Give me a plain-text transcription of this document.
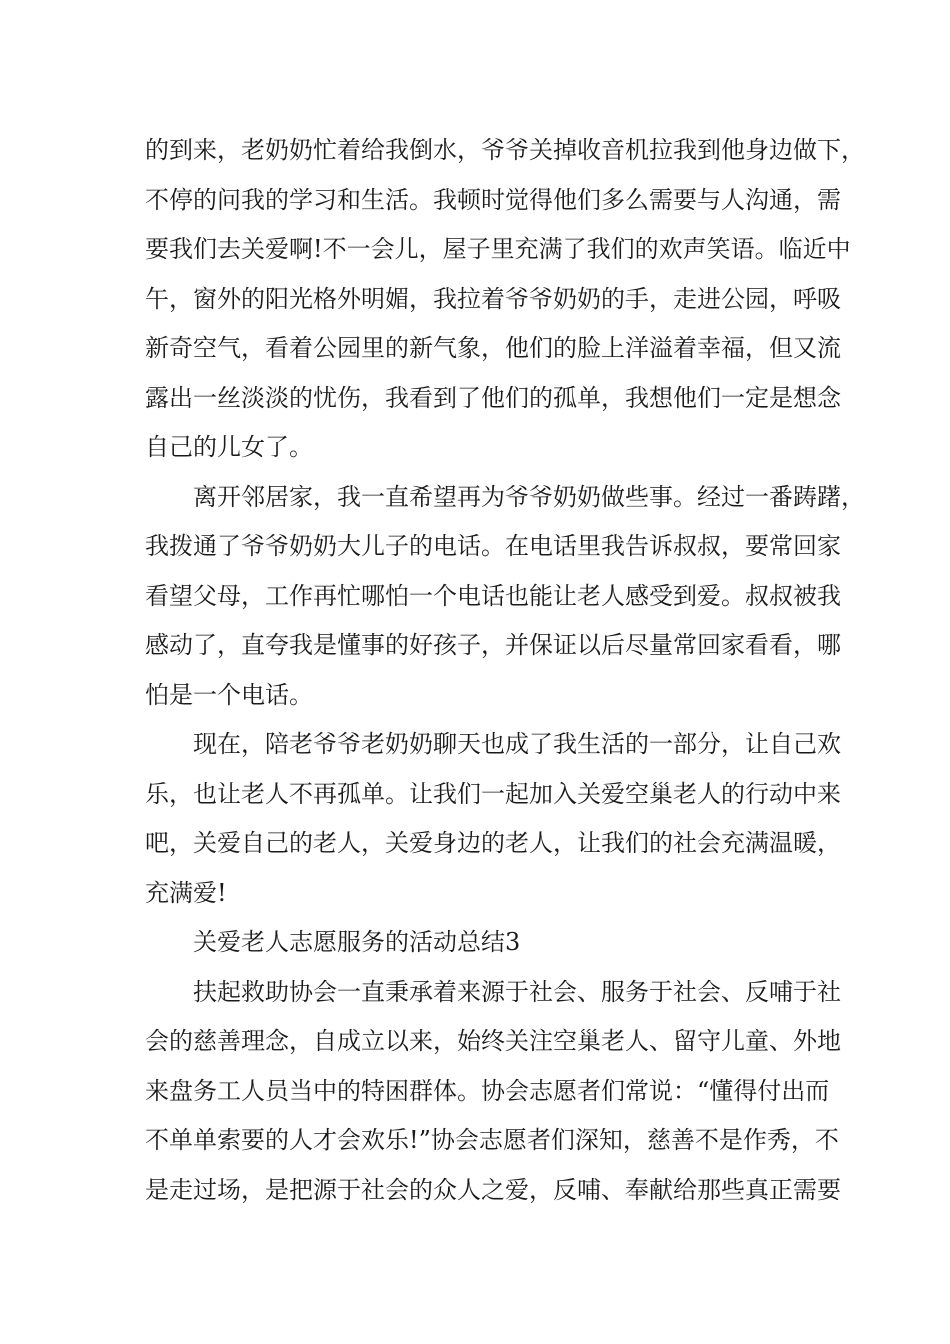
的到来，老奶奶忙着给我倒水，爷爷关掉收音机拉我到他身边做下，
不停的问我的学习和生活。我顿时觉得他们多么需要与人沟通，需
要我们去关爱啊!不一会儿，屋子里充满了我们的欢声笑语。临近中
午，窗外的阳光格外明媚，我拉着爷爷奶奶的手，走进公园，呼吸
新奇空气，看着公园里的新气象，他们的脸上洋溢着幸福，但又流
露出一丝淡淡的忧伤，我看到了他们的孤单，我想他们一定是想念
自己的儿女了。
离开邻居家，我一直希望再为爷爷奶奶做些事。经过一番踌躇，
我拨通了爷爷奶奶大儿子的电话。在电话里我告诉叔叔，要常回家
看望父母，工作再忙哪怕一个电话也能让老人感受到爱。叔叔被我
感动了，直夸我是懂事的好孩子，并保证以后尽量常回家看看，哪
怕是一个电话。
现在，陪老爷爷老奶奶聊天也成了我生活的一部分，让自己欢
乐，也让老人不再孤单。让我们一起加入关爱空巢老人的行动中来
吧，关爱自己的老人，关爱身边的老人，让我们的社会充满温暖，
充满爱!
关爱老人志愿服务的活动总结3
扶起救助协会一直秉承着来源于社会、服务于社会、反哺于社
会的慈善理念，自成立以来，始终关注空巢老人、留守儿童、外地
来盘务工人员当中的特困群体。协会志愿者们常说：“懂得付出而
不单单索要的人才会欢乐!”协会志愿者们深知，慈善不是作秀，不
是走过场，是把源于社会的众人之爱，反哺、奉献给那些真正需要
